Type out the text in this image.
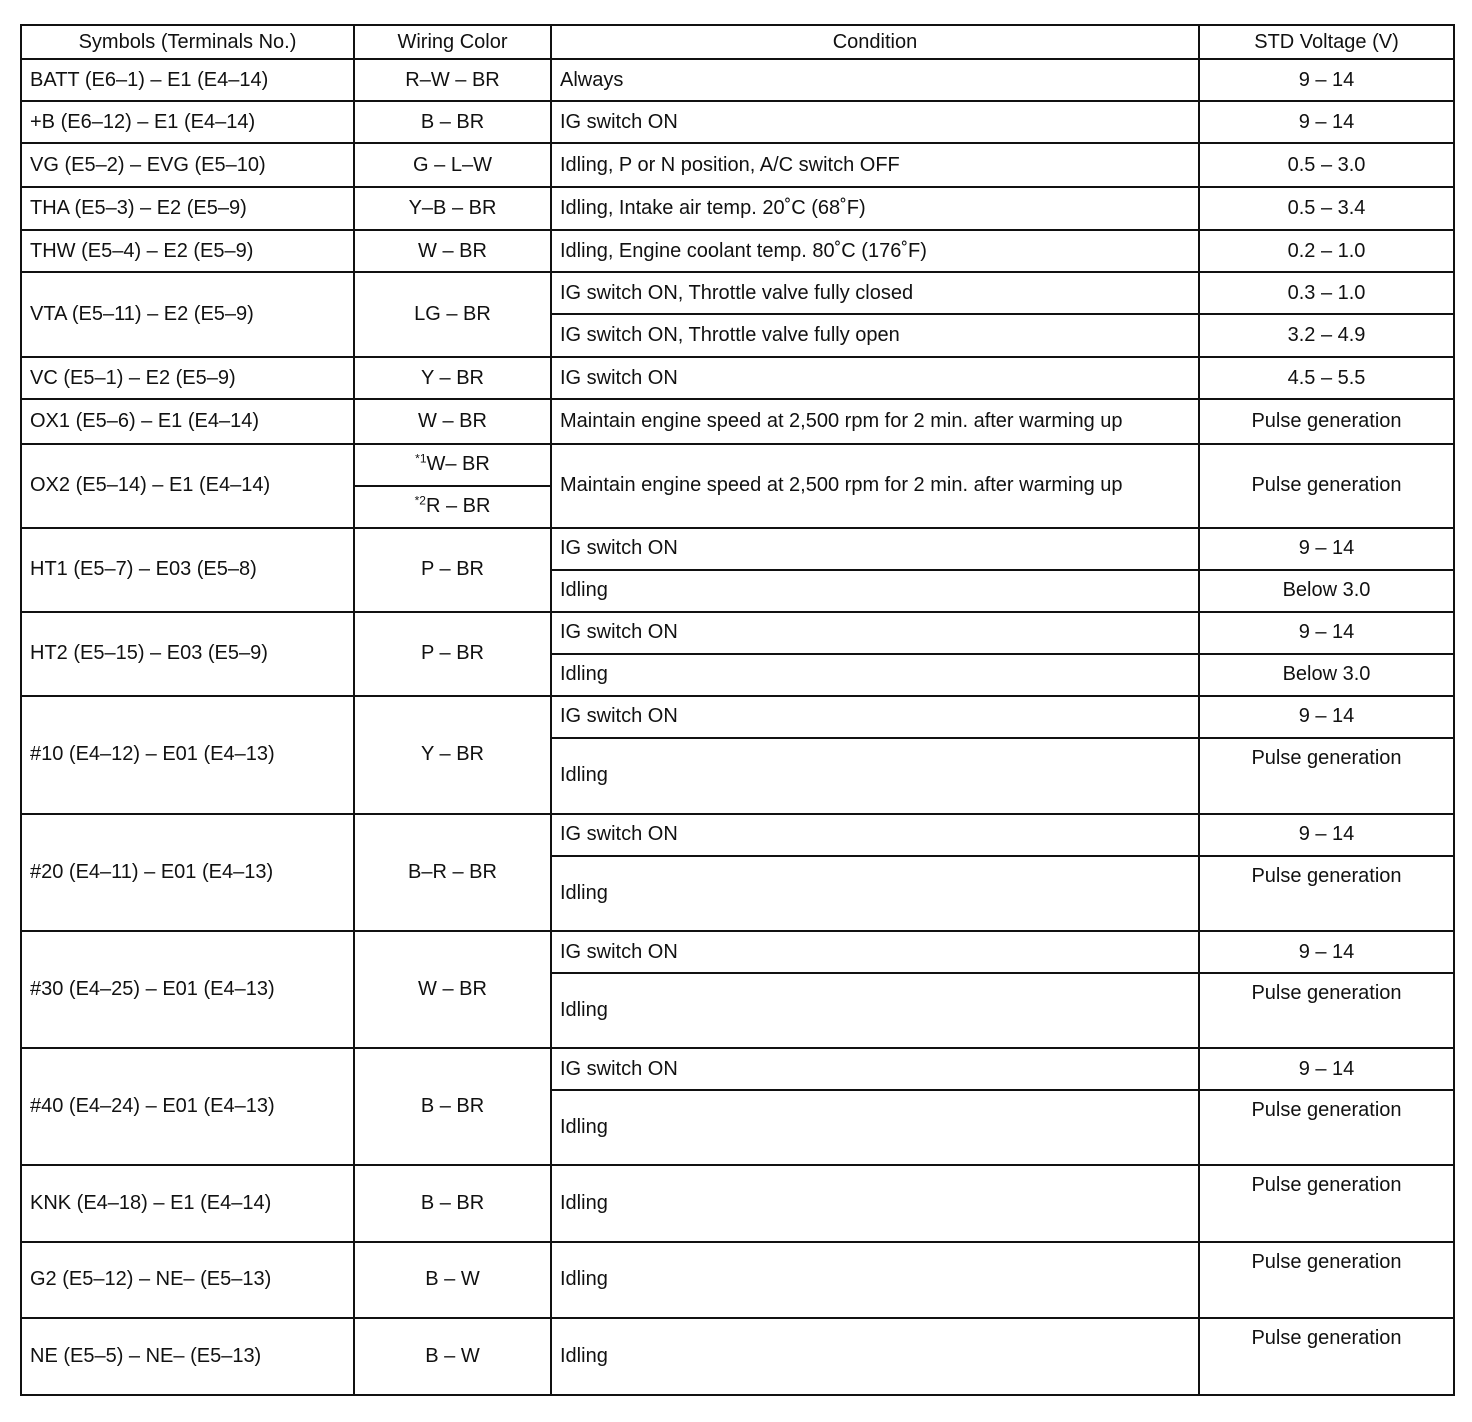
Symbols (Terminals No.)	Wiring Color	Condition	STD Voltage (V)
BATT (E6–1) – E1 (E4–14)	R–W – BR	Always	9 – 14
+B (E6–12) – E1 (E4–14)	B – BR	IG switch ON	9 – 14
VG (E5–2) – EVG (E5–10)	G – L–W	Idling, P or N position, A/C switch OFF	0.5 – 3.0
THA (E5–3) – E2 (E5–9)	Y–B – BR	Idling, Intake air temp. 20˚C (68˚F)	0.5 – 3.4
THW (E5–4) – E2 (E5–9)	W – BR	Idling, Engine coolant temp. 80˚C (176˚F)	0.2 – 1.0
VTA (E5–11) – E2 (E5–9)	LG – BR	IG switch ON, Throttle valve fully closed	0.3 – 1.0
		IG switch ON, Throttle valve fully open	3.2 – 4.9
VC (E5–1) – E2 (E5–9)	Y – BR	IG switch ON	4.5 – 5.5
OX1 (E5–6) – E1 (E4–14)	W – BR	Maintain engine speed at 2,500 rpm for 2 min. after warming up	Pulse generation
OX2 (E5–14) – E1 (E4–14)	$^{*1}$W– BR	Maintain engine speed at 2,500 rpm for 2 min. after warming up	Pulse generation
	$^{*2}$R – BR		
HT1 (E5–7) – E03 (E5–8)	P – BR	IG switch ON	9 – 14
		Idling	Below 3.0
HT2 (E5–15) – E03 (E5–9)	P – BR	IG switch ON	9 – 14
		Idling	Below 3.0
#10 (E4–12) – E01 (E4–13)	Y – BR	IG switch ON	9 – 14
		Idling	Pulse generation
#20 (E4–11) – E01 (E4–13)	B–R – BR	IG switch ON	9 – 14
		Idling	Pulse generation
#30 (E4–25) – E01 (E4–13)	W – BR	IG switch ON	9 – 14
		Idling	Pulse generation
#40 (E4–24) – E01 (E4–13)	B – BR	IG switch ON	9 – 14
		Idling	Pulse generation
KNK (E4–18) – E1 (E4–14)	B – BR	Idling	Pulse generation
G2 (E5–12) – NE– (E5–13)	B – W	Idling	Pulse generation
NE (E5–5) – NE– (E5–13)	B – W	Idling	Pulse generation
